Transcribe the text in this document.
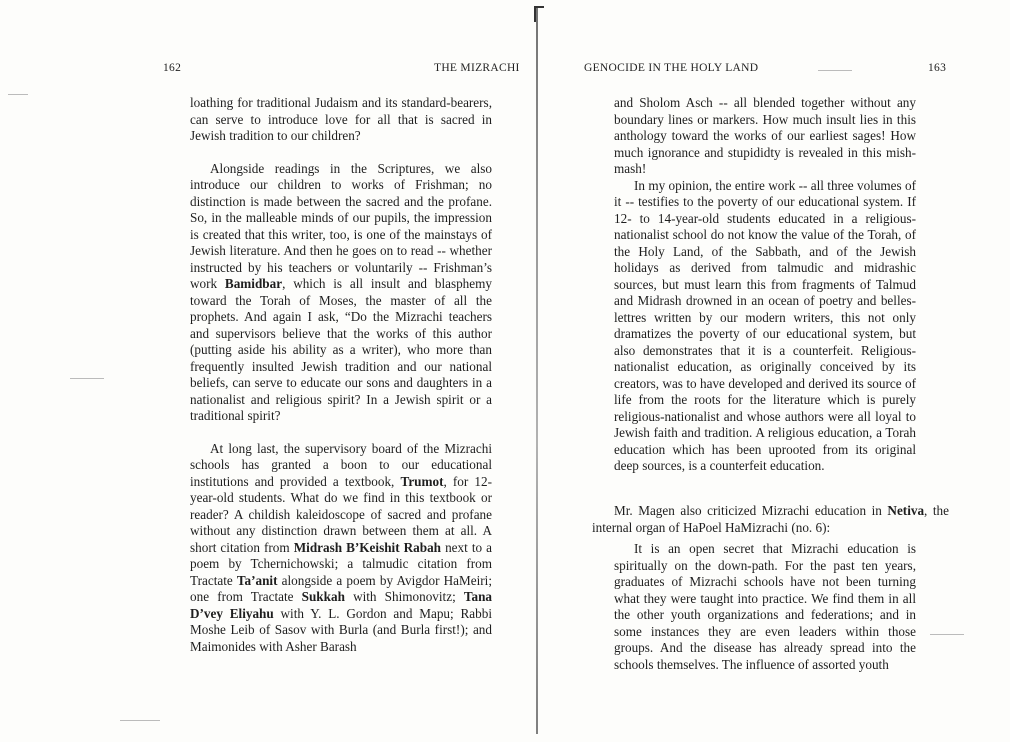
162	THE MIZRACHI

loathing for traditional Judaism and its standard-bearers, can serve to introduce love for all that is sacred in Jewish tradition to our children?

Alongside readings in the Scriptures, we also introduce our children to works of Frishman; no distinction is made between the sacred and the profane. So, in the malleable minds of our pupils, the impression is created that this writer, too, is one of the mainstays of Jewish literature. And then he goes on to read -- whether instructed by his teachers or voluntarily -- Frishman’s work Bamidbar, which is all insult and blasphemy toward the Torah of Moses, the master of all the prophets. And again I ask, “Do the Mizrachi teachers and supervisors believe that the works of this author (putting aside his ability as a writer), who more than frequently insulted Jewish tradition and our national beliefs, can serve to educate our sons and daughters in a nationalist and religious spirit? In a Jewish spirit or a traditional spirit?

At long last, the supervisory board of the Mizrachi schools has granted a boon to our educational institutions and provided a textbook, Trumot, for 12-year-old students. What do we find in this textbook or reader? A childish kaleidoscope of sacred and profane without any distinction drawn between them at all. A short citation from Midrash B’Keishit Rabah next to a poem by Tchernichowski; a talmudic citation from Tractate Ta’anit alongside a poem by Avigdor HaMeiri; one from Tractate Sukkah with Shimonovitz; Tana D’vey Eliyahu with Y. L. Gordon and Mapu; Rabbi Moshe Leib of Sasov with Burla (and Burla first!); and Maimonides with Asher Barash

GENOCIDE IN THE HOLY LAND	163

and Sholom Asch -- all blended together without any boundary lines or markers. How much insult lies in this anthology toward the works of our earliest sages! How much ignorance and stupididty is revealed in this mish-mash!

In my opinion, the entire work -- all three volumes of it -- testifies to the poverty of our educational system. If 12- to 14-year-old students educated in a religious-nationalist school do not know the value of the Torah, of the Holy Land, of the Sabbath, and of the Jewish holidays as derived from talmudic and midrashic sources, but must learn this from fragments of Talmud and Midrash drowned in an ocean of poetry and belles-lettres written by our modern writers, this not only dramatizes the poverty of our educational system, but also demonstrates that it is a counterfeit. Religious-nationalist education, as originally conceived by its creators, was to have developed and derived its source of life from the roots for the literature which is purely religious-nationalist and whose authors were all loyal to Jewish faith and tradition. A religious education, a Torah education which has been uprooted from its original deep sources, is a counterfeit education.

Mr. Magen also criticized Mizrachi education in Netiva, the internal organ of HaPoel HaMizrachi (no. 6):

It is an open secret that Mizrachi education is spiritually on the down-path. For the past ten years, graduates of Mizrachi schools have not been turning what they were taught into practice. We find them in all the other youth organizations and federations; and in some instances they are even leaders within those groups. And the disease has already spread into the schools themselves. The influence of assorted youth
